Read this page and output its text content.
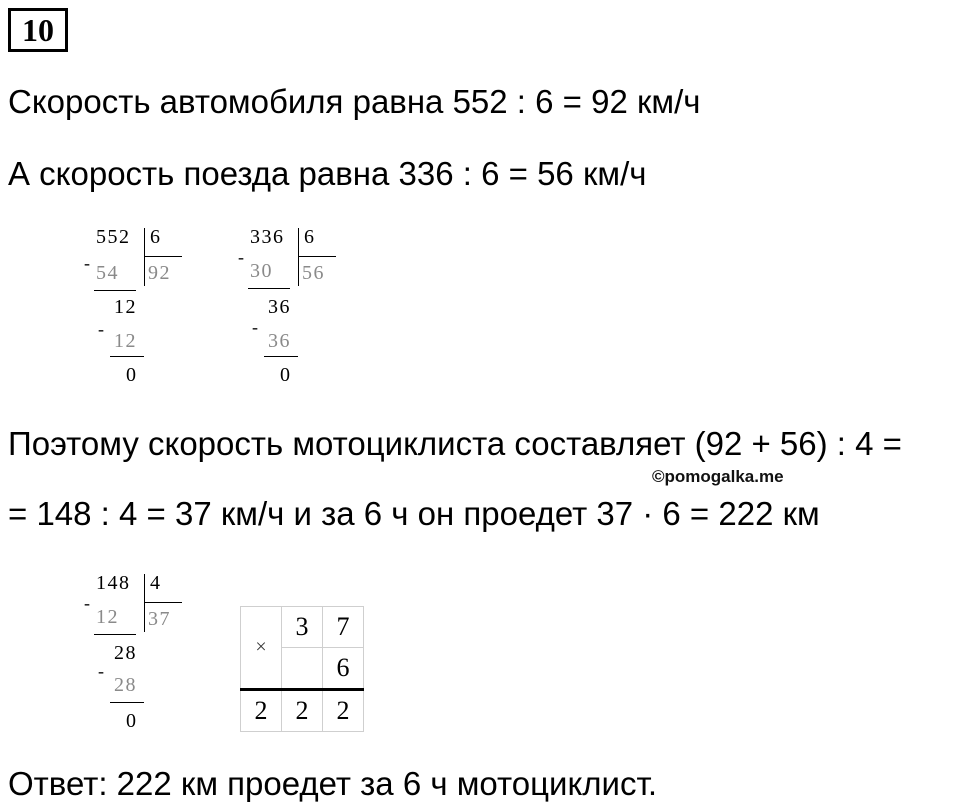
10
Скорость автомобиля равна 552 : 6 = 92 км/ч
А скорость поезда равна 336 : 6 = 56 км/ч
552 6
- 54 92
12
-
12
0
336 6
-
30 56
36
-
36
0
Поэтому скорость мотоциклиста составляет (92 + 56) : 4 =
©pomogalka.me
= 148 : 4 = 37 км/ч и за 6 ч он проедет 37 · 6 = 222 км
148 4
-
12 37
28
-
28
0
×	3	7
		6
2	2	2
Ответ: 222 км проедет за 6 ч мотоциклист.
